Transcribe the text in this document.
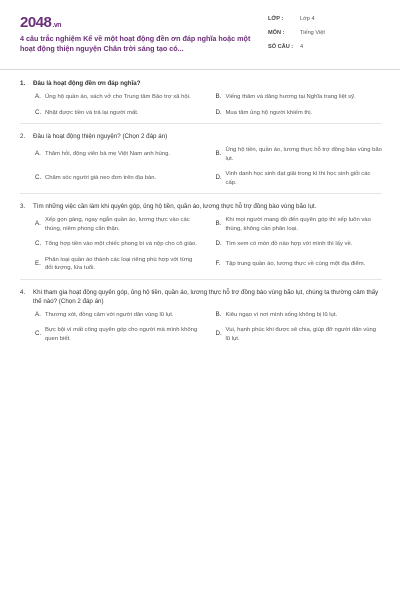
2048.vn
4 câu trắc nghiệm Kể về một hoạt động đền ơn đáp nghĩa hoặc một hoạt động thiện nguyện Chân trời sáng tạo có...
LỚP :	Lớp 4
MÔN :	Tiếng Việt
SỐ CÂU :	4
1.	Đâu là hoạt động đền ơn đáp nghĩa?
A. Ủng hộ quần áo, sách vở cho Trung tâm Bảo trợ xã hội.	B. Viếng thăm và dâng hương tại Nghĩa trang liệt sỹ.
C. Nhặt được tiền và trả lại người mất.	D. Mua tăm ủng hộ người khiếm thị.
2.	Đâu là hoạt động thiện nguyện? (Chọn 2 đáp án)
A. Thăm hỏi, động viên bà mẹ Việt Nam anh hùng.	B.
Ủng hộ tiền, quần áo, lương thực hỗ trợ đồng bào vùng bão lụt.
C. Chăm sóc người già neo đơn trên địa bàn.	D.
Vinh danh học sinh đạt giải trong kì thi học sinh giỏi các cấp.
3.	Tìm những việc cần làm khi quyên góp, ủng hộ tiền, quần áo, lương thực hỗ trợ đồng bào vùng bão lụt.
A.
Xếp gọn gàng, ngay ngắn quần áo, lương thực vào các thùng, niêm phong cẩn thận.
B.
Khi mọi người mang đồ đến quyên góp thì xếp luôn vào thùng, không cần phân loại.
C. Tổng hợp tiền vào một chiếc phong bì và nộp cho cô giáo.	D. Tìm xem có món đồ nào hợp với mình thì lấy về.
E.
Phân loại quần áo thành các loại riêng phù hợp với từng đối tượng, lứa tuổi.
F. Tập trung quần áo, lương thực về cùng một địa điểm.
4.	Khi tham gia hoạt động quyên góp, ủng hộ tiền, quần áo, lương thực hỗ trợ đồng bào vùng bão lụt, chúng ta thường cảm thấy thế nào? (Chọn 2 đáp án)
A. Thương xót, đồng cảm với người dân vùng lũ lụt.	B. Kiêu ngạo vì nơi mình sống không bị lũ lụt.
C.
Bực bội vì mất công quyên góp cho người mà mình không quen biết.
D.
Vui, hạnh phúc khi được sẻ chia, giúp đỡ người dân vùng lũ lụt.
